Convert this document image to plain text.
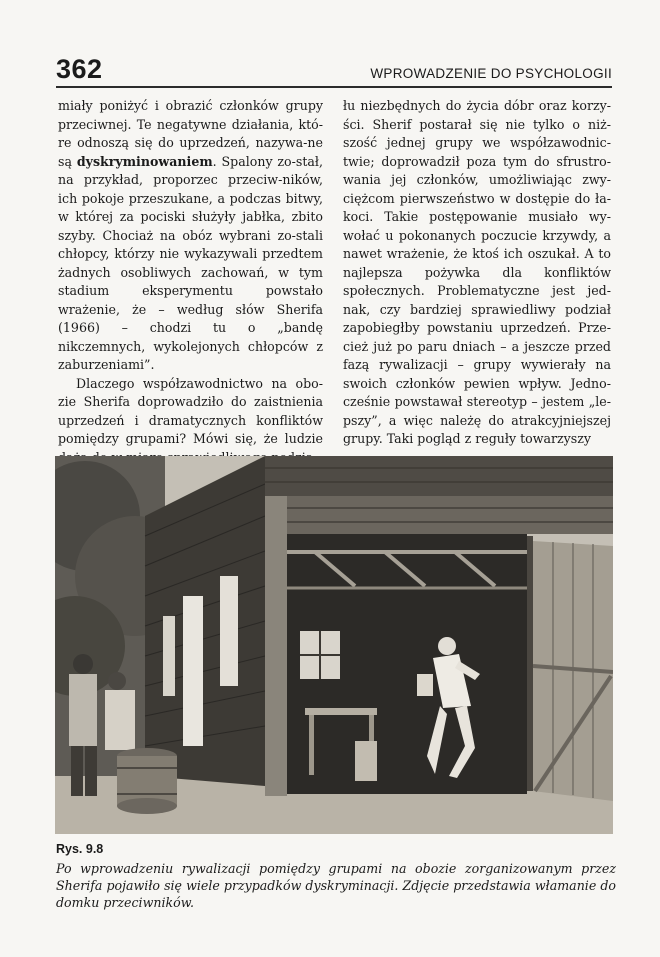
362	WPROWADZENIE DO PSYCHOLOGII

miały poniżyć i obrazić członków grupy przeciwnej. Te negatywne działania, któ-re odnoszą się do uprzedzeń, nazywa-ne są dyskryminowaniem. Spalony zo-stał, na przykład, proporzec przeciw-ników, ich pokoje przeszukane, a podczas bitwy, w której za pociski służyły jabłka, zbito szyby. Chociaż na obóz wybrani zo-stali chłopcy, którzy nie wykazywali przedtem żadnych osobliwych zachowań, w tym stadium eksperymentu powstało wrażenie, że – według słów Sherifa (1966) – chodzi tu o „bandę nikczemnych, wykolejonych chłopców z zaburzeniami”.

Dlaczego współzawodnictwo na obo-zie Sherifa doprowadziło do zaistnienia uprzedzeń i dramatycznych konfliktów pomiędzy grupami? Mówi się, że ludzie

łu niezbędnych do życia dóbr oraz korzy-ści. Sherif postarał się nie tylko o niż-szość jednej grupy we współzawodnic-twie; doprowadził poza tym do sfrustro-wania jej członków, umożliwiając zwy-ciężcom pierwszeństwo w dostępie do ła-koci. Takie postępowanie musiało wy-wołać u pokonanych poczucie krzywdy, a nawet wrażenie, że ktoś ich oszukał. A to najlepsza pożywka dla konfliktów społecznych. Problematyczne jest jed-nak, czy bardziej sprawiedliwy podział zapobiegłby powstaniu uprzedzeń. Prze-cież już po paru dniach – a jeszcze przed fazą rywalizacji – grupy wywierały na swoich członków pewien wpływ. Jedno-cześnie powstawał stereotyp – jestem „le-pszy”, a więc należę do atrakcyjniejszej grupy. Taki pogląd z reguły towarzyszy

Rys. 9.8
Po wprowadzeniu rywalizacji pomiędzy grupami na obozie zorganizowanym przez Sherifa pojawiło się wiele przypadków dyskryminacji. Zdjęcie przedstawia włamanie do domku przeciwników.
